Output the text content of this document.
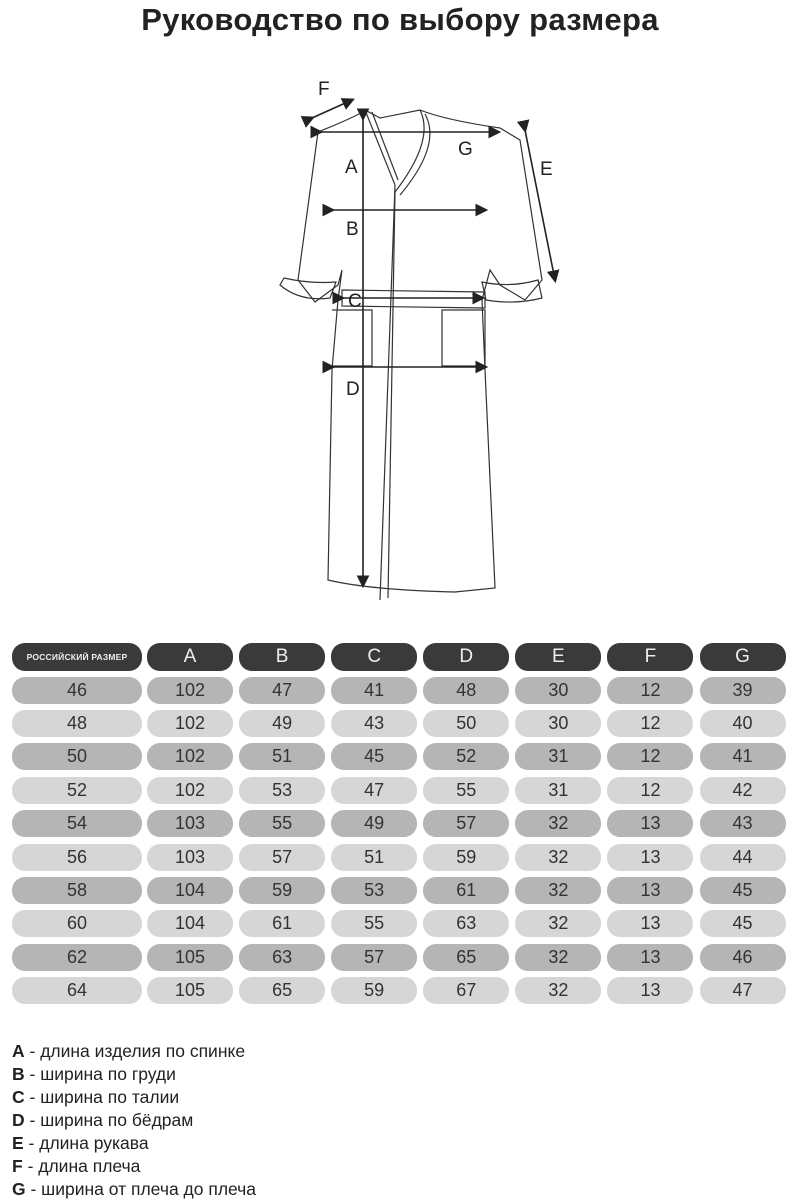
Руководство по выбору размера
A
B
C
D
E
F
G
РОССИЙСКИЙ РАЗМЕР	A	B	C	D	E	F	G
46	102	47	41	48	30	12	39
48	102	49	43	50	30	12	40
50	102	51	45	52	31	12	41
52	102	53	47	55	31	12	42
54	103	55	49	57	32	13	43
56	103	57	51	59	32	13	44
58	104	59	53	61	32	13	45
60	104	61	55	63	32	13	45
62	105	63	57	65	32	13	46
64	105	65	59	67	32	13	47
A - длина изделия по спинке
B - ширина по груди
C - ширина по талии
D - ширина по бёдрам
E - длина рукава
F - длина плеча
G - ширина от плеча до плеча
